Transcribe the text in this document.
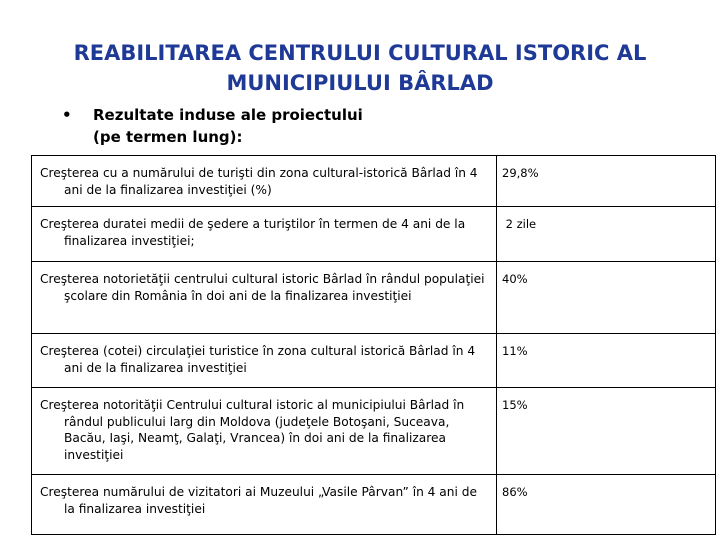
REABILITAREA CENTRULUI CULTURAL ISTORIC AL
MUNICIPIULUI BÂRLAD
• Rezultate induse ale proiectului
(pe termen lung):
Creşterea cu a numărului de turişti din zona cultural-istorică Bârlad în 4 ani de la finalizarea investiţiei (%)	29,8%

Creşterea duratei medii de şedere a turiştilor în termen de 4 ani de la finalizarea investiţiei;	2 zile

Creşterea notorietăţii centrului cultural istoric Bârlad în rândul populaţiei şcolare din România în doi ani de la finalizarea investiţiei	40%

Creşterea (cotei) circulaţiei turistice în zona cultural istorică Bârlad în 4 ani de la finalizarea investiţiei	11%

Creşterea notorităţii Centrului cultural istoric al municipiului Bârlad în rândul publicului larg din Moldova (judeţele Botoşani, Suceava, Bacău, Iaşi, Neamţ, Galaţi, Vrancea) în doi ani de la finalizarea investiţiei	15%

Creşterea numărului de vizitatori ai Muzeului „Vasile Pârvan” în 4 ani de la finalizarea investiţiei	86%
